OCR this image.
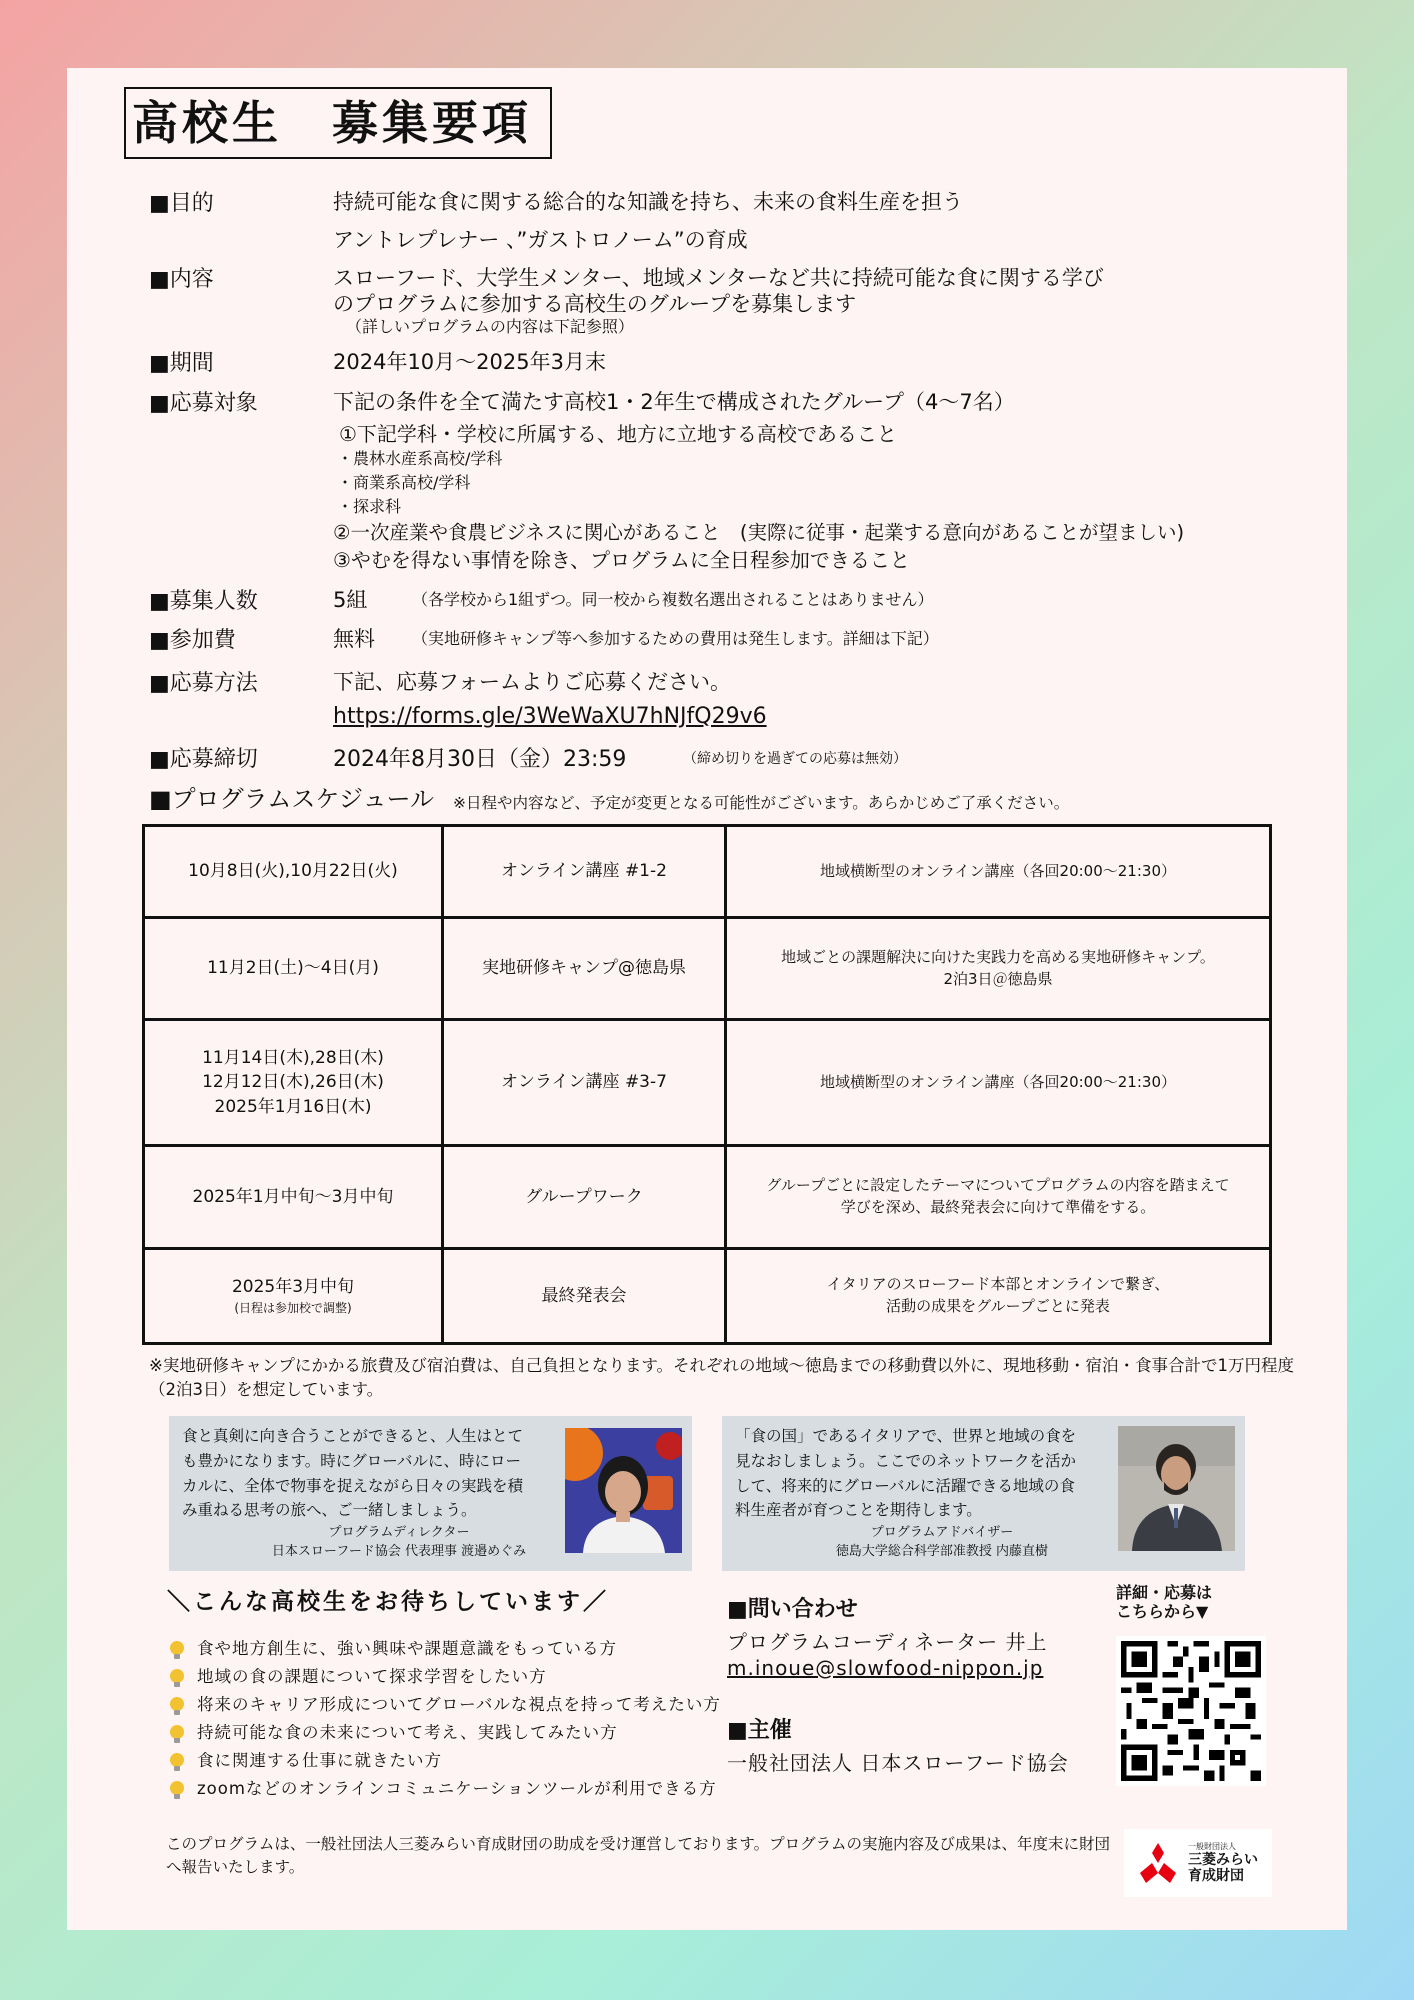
高校生　募集要項
■目的	持続可能な食に関する総合的な知識を持ち、未来の食料生産を担う
アントレプレナー 、”ガストロノーム”の育成
■内容	スローフード、大学生メンター、地域メンターなど共に持続可能な食に関する学び
のプログラムに参加する高校生のグループを募集します
（詳しいプログラムの内容は下記参照）
■期間	2024年10月～2025年3月末
■応募対象	下記の条件を全て満たす高校1・2年生で構成されたグループ（4～7名）
①下記学科・学校に所属する、地方に立地する高校であること
・農林水産系高校/学科
・商業系高校/学科
・探求科
②一次産業や食農ビジネスに関心があること　(実際に従事・起業する意向があることが望ましい)
③やむを得ない事情を除き、プログラムに全日程参加できること
■募集人数	5組	（各学校から1組ずつ。同一校から複数名選出されることはありません）
■参加費	無料 （実地研修キャンプ等へ参加するための費用は発生します。詳細は下記）
■応募方法	下記、応募フォームよりご応募ください。
https://forms.gle/3WeWaXU7hNJfQ29v6
■応募締切	2024年8月30日（金）23:59	（締め切りを過ぎての応募は無効）
■プログラムスケジュール ※日程や内容など、予定が変更となる可能性がございます。あらかじめご了承ください。
10月8日(火),10月22日(火)	オンライン講座 #1-2	地域横断型のオンライン講座（各回20:00～21:30）
11月2日(土)～4日(月)	実地研修キャンプ@徳島県	地域ごとの課題解決に向けた実践力を高める実地研修キャンプ。
2泊3日＠徳島県
11月14日(木),28日(木)
12月12日(木),26日(木)
2025年1月16日(木)	オンライン講座 #3-7	地域横断型のオンライン講座（各回20:00～21:30）
2025年1月中旬～3月中旬	グループワーク	グループごとに設定したテーマについてプログラムの内容を踏まえて
学びを深め、最終発表会に向けて準備をする。
2025年3月中旬
(日程は参加校で調整)	最終発表会	イタリアのスローフード本部とオンラインで繋ぎ、
活動の成果をグループごとに発表
※実地研修キャンプにかかる旅費及び宿泊費は、自己負担となります。それぞれの地域～徳島までの移動費以外に、現地移動・宿泊・食事合計で1万円程度（2泊3日）を想定しています。
食と真剣に向き合うことができると、人生はとて
も豊かになります。時にグローバルに、時にロー
カルに、全体で物事を捉えながら日々の実践を積
み重ねる思考の旅へ、ご一緒しましょう。
プログラムディレクター
日本スローフード協会 代表理事 渡邉めぐみ
「食の国」であるイタリアで、世界と地域の食を
見なおしましょう。ここでのネットワークを活か
して、将来的にグローバルに活躍できる地域の食
料生産者が育つことを期待します。
プログラムアドバイザー
徳島大学総合科学部准教授 内藤直樹
＼こんな高校生をお待ちしています／
食や地方創生に、強い興味や課題意識をもっている方
地域の食の課題について探求学習をしたい方
将来のキャリア形成についてグローバルな視点を持って考えたい方
持続可能な食の未来について考え、実践してみたい方
食に関連する仕事に就きたい方
zoomなどのオンラインコミュニケーションツールが利用できる方
■問い合わせ
プログラムコーディネーター 井上
m.inoue@slowfood-nippon.jp
■主催
一般社団法人 日本スローフード協会
詳細・応募は
こちらから▼
このプログラムは、一般社団法人三菱みらい育成財団の助成を受け運営しております。プログラムの実施内容及び成果は、年度末に財団へ報告いたします。
一般財団法人
三菱みらい
育成財団
